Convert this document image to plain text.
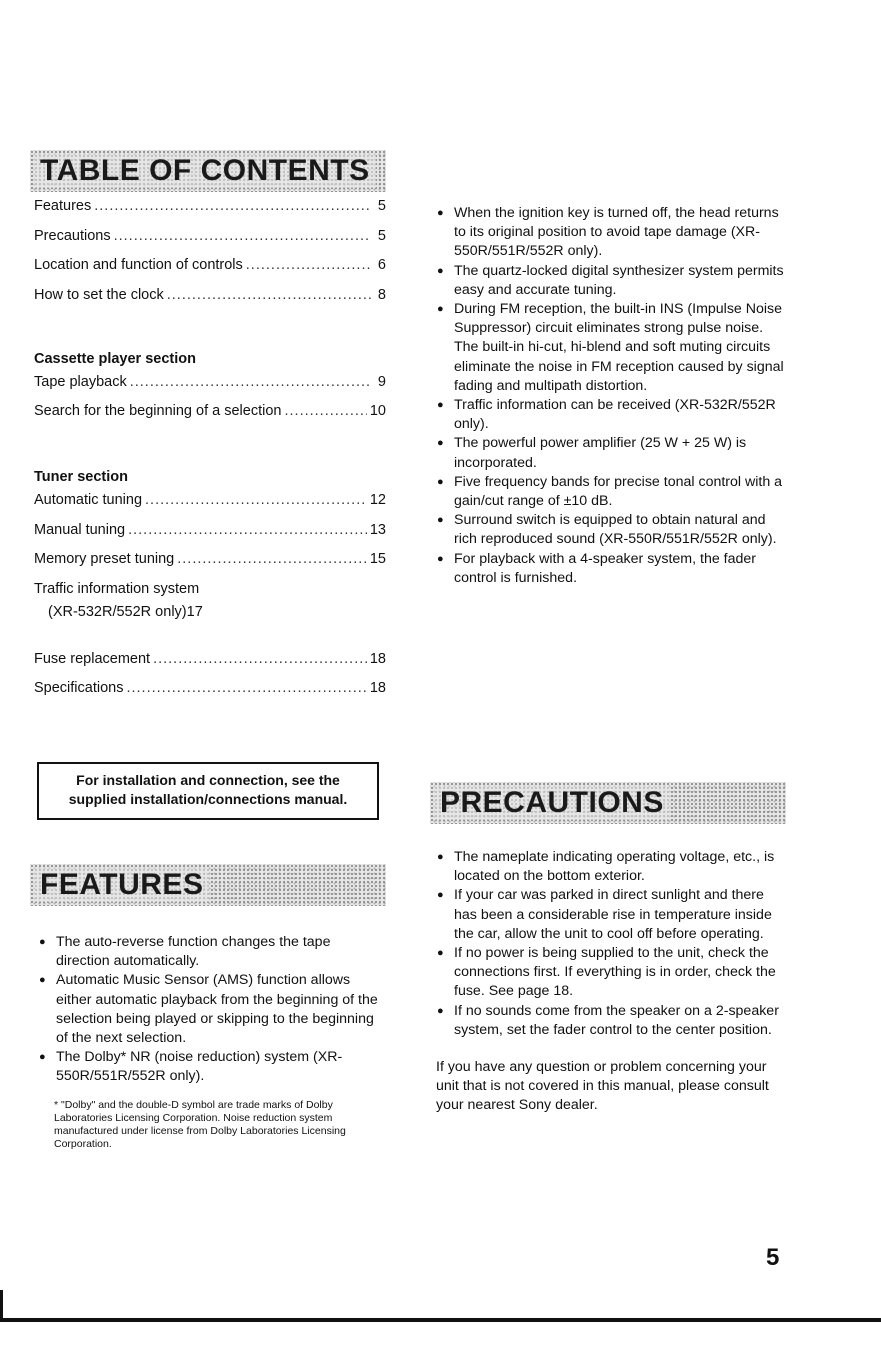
TABLE OF CONTENTS
Features .....	5
Precautions .....	5
Location and function of controls .....	6
How to set the clock .....	8
Cassette player section
Tape playback .....	9
Search for the beginning of a selection .....	10
Tuner section
Automatic tuning .....	12
Manual tuning .....	13
Memory preset tuning .....	15
Traffic information system
(XR-532R/552R only) 17
Fuse replacement .....	18
Specifications .....	18
For installation and connection, see the supplied installation/connections manual.
FEATURES
● The auto-reverse function changes the tape direction automatically.
● Automatic Music Sensor (AMS) function allows either automatic playback from the beginning of the selection being played or skipping to the beginning of the next selection.
● The Dolby* NR (noise reduction) system (XR-550R/551R/552R only).
* "Dolby" and the double-D symbol are trade marks of Dolby Laboratories Licensing Corporation. Noise reduction system manufactured under license from Dolby Laboratories Licensing Corporation.
● When the ignition key is turned off, the head returns to its original position to avoid tape damage (XR-550R/551R/552R only).
● The quartz-locked digital synthesizer system permits easy and accurate tuning.
● During FM reception, the built-in INS (Impulse Noise Suppressor) circuit eliminates strong pulse noise. The built-in hi-cut, hi-blend and soft muting circuits eliminate the noise in FM reception caused by signal fading and multipath distortion.
● Traffic information can be received (XR-532R/552R only).
● The powerful power amplifier (25 W + 25 W) is incorporated.
● Five frequency bands for precise tonal control with a gain/cut range of ±10 dB.
● Surround switch is equipped to obtain natural and rich reproduced sound (XR-550R/551R/552R only).
● For playback with a 4-speaker system, the fader control is furnished.
PRECAUTIONS
● The nameplate indicating operating voltage, etc., is located on the bottom exterior.
● If your car was parked in direct sunlight and there has been a considerable rise in temperature inside the car, allow the unit to cool off before operating.
● If no power is being supplied to the unit, check the connections first. If everything is in order, check the fuse. See page 18.
● If no sounds come from the speaker on a 2-speaker system, set the fader control to the center position.

If you have any question or problem concerning your unit that is not covered in this manual, please consult your nearest Sony dealer.

5
